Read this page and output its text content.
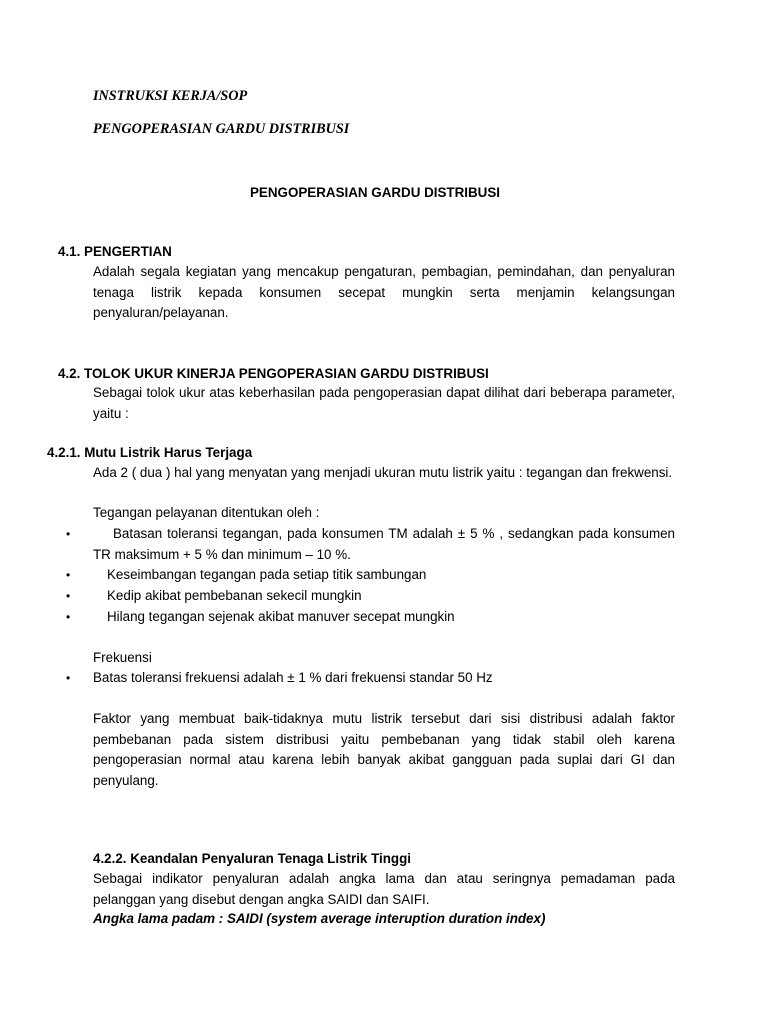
INSTRUKSI KERJA/SOP
PENGOPERASIAN GARDU DISTRIBUSI
PENGOPERASIAN GARDU DISTRIBUSI
4.1. PENGERTIAN
Adalah segala kegiatan yang mencakup pengaturan, pembagian, pemindahan, dan penyaluran tenaga listrik kepada konsumen secepat mungkin serta menjamin kelangsungan penyaluran/pelayanan.
4.2. TOLOK UKUR KINERJA PENGOPERASIAN GARDU DISTRIBUSI
Sebagai tolok ukur atas keberhasilan pada pengoperasian dapat dilihat dari beberapa parameter, yaitu :
4.2.1. Mutu Listrik Harus Terjaga
Ada 2 ( dua ) hal yang menyatan yang menjadi ukuran mutu listrik yaitu : tegangan dan frekwensi.
Tegangan pelayanan ditentukan oleh :
•	Batasan toleransi tegangan, pada konsumen TM adalah ± 5 % , sedangkan pada konsumen TR maksimum + 5 % dan minimum – 10 %.
•	Keseimbangan tegangan pada setiap titik sambungan
•	Kedip akibat pembebanan sekecil mungkin
•	Hilang tegangan sejenak akibat manuver secepat mungkin
Frekuensi
• Batas toleransi frekuensi adalah ± 1 % dari frekuensi standar 50 Hz
Faktor yang membuat baik-tidaknya mutu listrik tersebut dari sisi distribusi adalah faktor pembebanan pada sistem distribusi yaitu pembebanan yang tidak stabil oleh karena pengoperasian normal atau karena lebih banyak akibat gangguan pada suplai dari GI dan penyulang.
4.2.2. Keandalan Penyaluran Tenaga Listrik Tinggi
Sebagai indikator penyaluran adalah angka lama dan atau seringnya pemadaman pada pelanggan yang disebut dengan angka SAIDI dan SAIFI.
Angka lama padam : SAIDI (system average interuption duration index)
